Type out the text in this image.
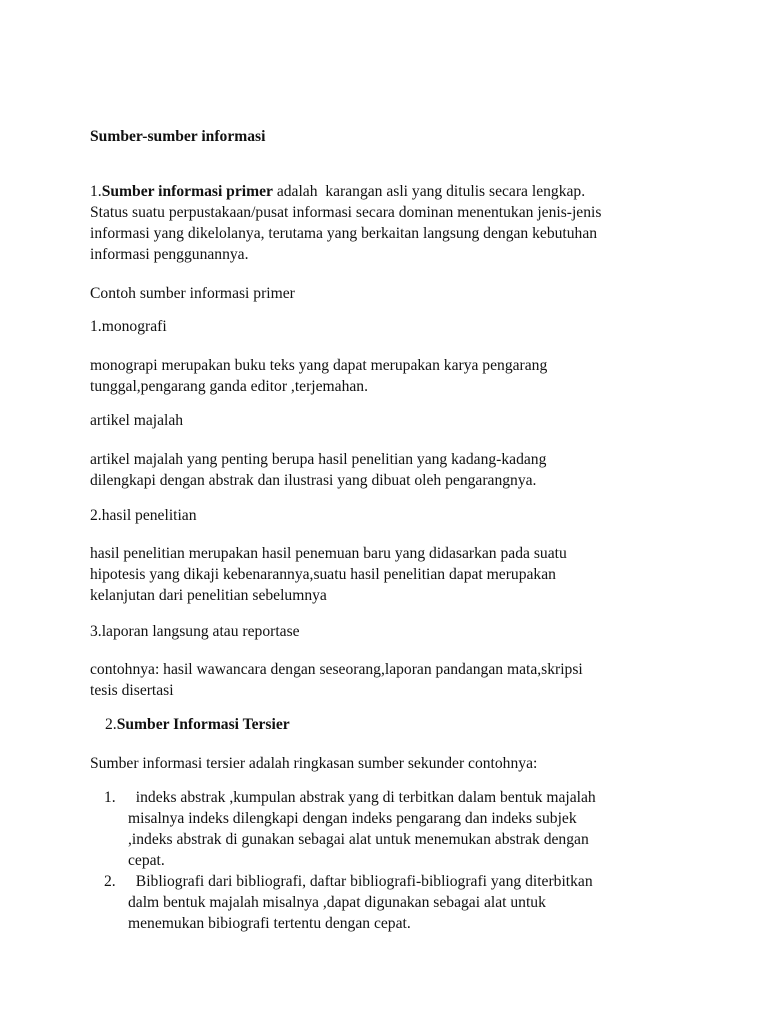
Sumber-sumber informasi
1.Sumber informasi primer adalah  karangan asli yang ditulis secara lengkap.
Status suatu perpustakaan/pusat informasi secara dominan menentukan jenis-jenis
informasi yang dikelolanya, terutama yang berkaitan langsung dengan kebutuhan
informasi penggunannya.
Contoh sumber informasi primer
1.monografi
monograpi merupakan buku teks yang dapat merupakan karya pengarang
tunggal,pengarang ganda editor ,terjemahan.
artikel majalah
artikel majalah yang penting berupa hasil penelitian yang kadang-kadang
dilengkapi dengan abstrak dan ilustrasi yang dibuat oleh pengarangnya.
2.hasil penelitian
hasil penelitian merupakan hasil penemuan baru yang didasarkan pada suatu
hipotesis yang dikaji kebenarannya,suatu hasil penelitian dapat merupakan
kelanjutan dari penelitian sebelumnya
3.laporan langsung atau reportase
contohnya: hasil wawancara dengan seseorang,laporan pandangan mata,skripsi
tesis disertasi
2.Sumber Informasi Tersier
Sumber informasi tersier adalah ringkasan sumber sekunder contohnya:
1. indeks abstrak ,kumpulan abstrak yang di terbitkan dalam bentuk majalah
misalnya indeks dilengkapi dengan indeks pengarang dan indeks subjek
,indeks abstrak di gunakan sebagai alat untuk menemukan abstrak dengan
cepat.
2. Bibliografi dari bibliografi, daftar bibliografi-bibliografi yang diterbitkan
dalm bentuk majalah misalnya ,dapat digunakan sebagai alat untuk
menemukan bibiografi tertentu dengan cepat.
